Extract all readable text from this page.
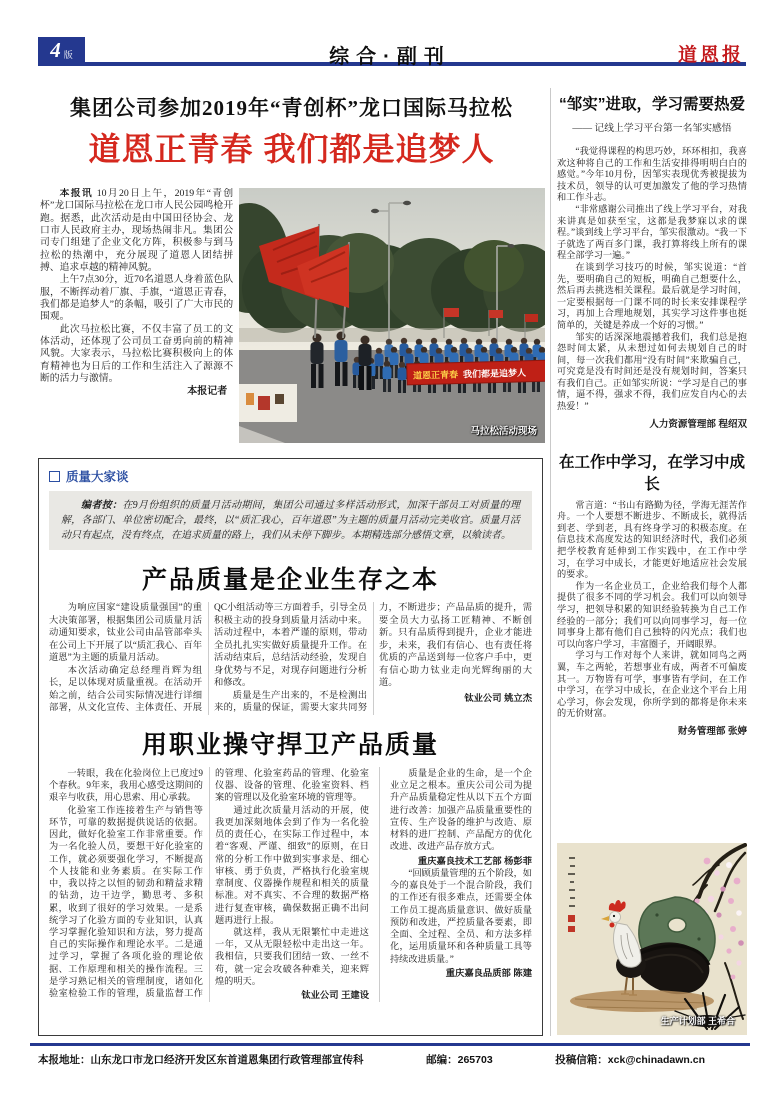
4 版	综合·副刊	道恩报
集团公司参加2019年“青创杯”龙口国际马拉松
道恩正青春 我们都是追梦人

本报讯 10月20日上午，2019年“青创杯”龙口国际马拉松在龙口市人民公园鸣枪开跑。据悉，此次活动是由中国田径协会、龙口市人民政府主办，现场热闹非凡。集团公司专门组建了企业文化方阵，积极参与到马拉松的热潮中，充分展现了道恩人团结拼搏、追求卓越的精神风貌。

上午7点30分，近70名道恩人身着蓝色队服，不断挥动着厂旗、手旗，“道恩正青春，我们都是追梦人”的条幅，吸引了广大市民的围观。

此次马拉松比赛，不仅丰富了员工的文体活动，还体现了公司员工奋勇向前的精神风貌。大家表示，马拉松比赛积极向上的体育精神也为日后的工作和生活注入了源源不断的活力与激情。

本报记者

道恩正青春 我们都是追梦人
马拉松活动现场
质量大家谈

编者按：在9月份组织的质量月活动期间，集团公司通过多样活动形式，加深干部员工对质量的理解，各部门、单位密切配合，最终，以“质汇我心，百年道恩”为主题的质量月活动完美收官。质量月活动只有起点，没有终点，在追求质量的路上，我们从未停下脚步。本期精选部分感悟文章，以飨读者。

产品质量是企业生存之本

为响应国家“建设质量强国”的重大决策部署，根据集团公司质量月活动通知要求，钛业公司由品管部牵头在公司上下开展了以“质汇我心、百年道恩”为主题的质量月活动。

本次活动确定总经理肖辉为组长，足以体现对质量重视。在活动开始之前，结合公司实际情况进行详细部署，从文化宣传、主体责任、开展QC小组活动等三方面着手，引导全员积极主动的投身到质量月活动中来。活动过程中，本着严谨的原则，带动全员扎扎实实做好质量提升工作。在活动结束后，总结活动经验，发现自身优势与不足，对现存问题进行分析和修改。

质量是生产出来的，不是检测出来的，质量的保证，需要大家共同努力，不断进步；产品品质的提升，需要全员大力弘扬工匠精神、不断创新。只有品质得到提升，企业才能进步，未来，我们有信心、也有责任将优质的产品送到每一位客户手中，更有信心助力钛业走向光辉绚丽的大道。

钛业公司 姚立杰

用职业操守捍卫产品质量

一转眼，我在化验岗位上已度过9个春秋。9年来，我用心感受这期间的艰辛与收获，用心思索、用心承载。

化验室工作连接着生产与销售等环节，可靠的数据提供说话的依据。因此，做好化验室工作非常重要。作为一名化验人员，要想干好化验室的工作，就必须要强化学习，不断提高个人技能和业务素质。在实际工作中，我以持之以恒的韧劲和精益求精的钻劲，边干边学，勤思考、多积累，收到了很好的学习效果。一是系统学习了化验方面的专业知识，认真学习掌握化验知识和方法，努力提高自己的实际操作和理论水平。二是通过学习，掌握了各项化验的理论依据、工作原理和相关的操作流程。三是学习熟记相关的管理制度，诸如化验室检验工作的管理，质量监督工作的管理、化验室药品的管理、化验室仪器、设备的管理、化验室资料、档案的管理以及化验室环境的管理等。

通过此次质量月活动的开展，使我更加深刻地体会到了作为一名化验员的责任心，在实际工作过程中，本着“客观、严谨、细致”的原则，在日常的分析工作中做到实事求是、细心审核、勇于负责，严格执行化验室规章制度、仪器操作规程和相关的质量标准。对不真实、不合理的数据严格进行复查审核，确保数据正确不出问题再进行上报。

就这样，我从无限繁忙中走进这一年，又从无限轻松中走出这一年。我相信，只要我们团结一致、一丝不苟，就一定会攻破各种难关，迎来辉煌的明天。

钛业公司 王建设

质量是企业的生命，是一个企业立足之根本。重庆公司公司为提升产品质量稳定性从以下五个方面进行改善：加强产品质量重要性的宣传、生产设备的维护与改造、原材料的进厂控制、产品配方的优化改进、改进产品存放方式。

重庆嘉良技术工艺部 杨彭菲

“回顾质量管理的五个阶段，如今的嘉良处于一个混合阶段，我们的工作还有很多难点，还需要全体工作员工提高质量意识、做好质量预防和改进，严控质量各要素，即全面、全过程、全员、和方法多样化，运用质量环和各种质量工具等持续改进质量。”

重庆嘉良品质部 陈建

“邹实”进取，学习需要热爱
—— 记线上学习平台第一名邹实感悟

“我觉得课程的构思巧妙，环环相扣，我喜欢这种将自己的工作和生活安排得明明白白的感觉。”今年10月份，因邹实表现优秀被提拔为技术员，领导的认可更加激发了他的学习热情和工作斗志。

“非常感谢公司推出了线上学习平台，对我来讲真是如获至宝，这都是我梦寐以求的课程。”谈到线上学习平台，邹实很激动。“我一下子就选了两百多门课，我打算将线上所有的课程全部学习一遍。”

在谈到学习技巧的时候，邹实说道：“首先，要明确自己的短板，明确自己想要什么，然后再去挑选相关课程。最后就是学习时间，一定要根据每一门课不同的时长来安排课程学习，再加上合理地规划，其实学习这件事也挺简单的，关键是养成一个好的习惯。”

邹实的话深深地震撼着我们，我们总是抱怨时间太紧，从未想过如何去规划自己的时间，每一次我们都用“没有时间”来欺骗自己，可究竟是没有时间还是没有规划时间，答案只有我们自己。正如邹实所说：“学习是自己的事情，逼不得，强求不得，我们应发自内心的去热爱！”

人力资源管理部 程绍双
在工作中学习，在学习中成长

常言道：“书山有路勤为径，学海无涯苦作舟。一个人要想不断进步、不断成长，就得活到老、学到老，具有终身学习的积极态度。在信息技术高度发达的知识经济时代，我们必须把学校教育延伸到工作实践中，在工作中学习，在学习中成长，才能更好地适应社会发展的要求。

作为一名企业员工，企业给我们每个人都提供了很多不同的学习机会。我们可以向领导学习，把领导积累的知识经验转换为自己工作经验的一部分；我们可以向同事学习，每一位同事身上都有他们自己独特的闪光点；我们也可以向客户学习，丰富圈子，开阔眼界。

学习与工作对每个人来讲，就如同鸟之两翼，车之两轮，若想事业有成，两者不可偏废其一。万物皆有可学，事事皆有学问，在工作中学习，在学习中成长，在企业这个平台上用心学习，你会发现，你所学到的都将是你未来的无价财富。

财务管理部 张婷
生产计划部 王希合
本报地址：山东龙口市龙口经济开发区东首道恩集团行政管理部宣传科	邮编：265703	投稿信箱：xck@chinadawn.cn
